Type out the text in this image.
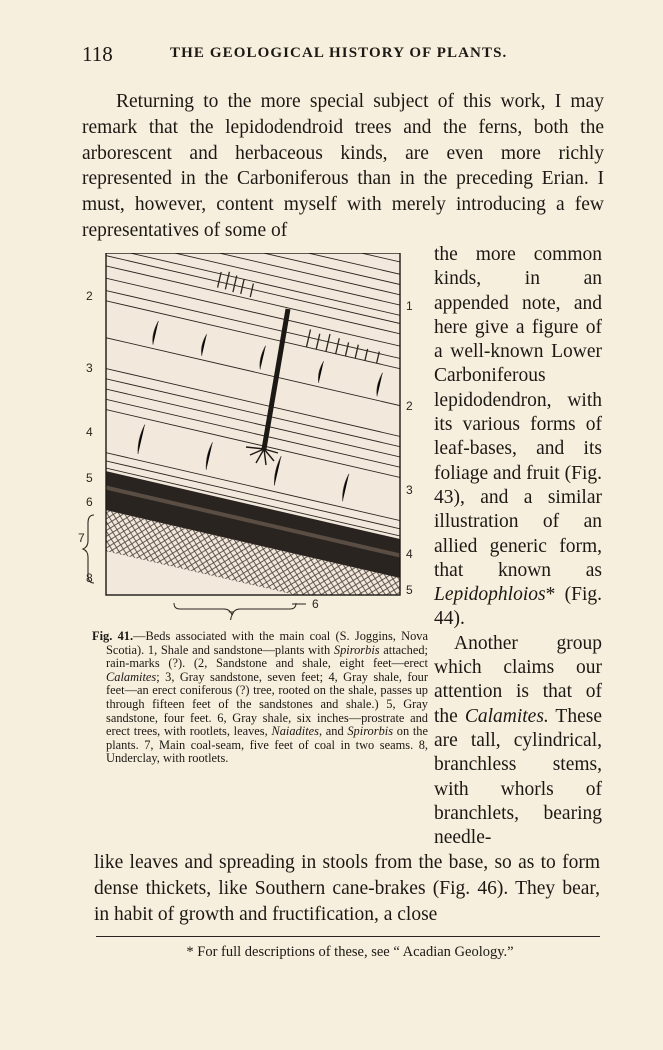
118	THE GEOLOGICAL HISTORY OF PLANTS.
Returning to the more special subject of this work, I may remark that the lepidodendroid trees and the ferns, both the arborescent and herbaceous kinds, are even more richly represented in the Carboniferous than in the preceding Erian. I must, however, content myself with merely introducing a few representatives of some of

the more common kinds, in an appended note, and here give a figure of a well-known Lower Carboniferous lepidodendron, with its various forms of leaf-bases, and its foliage and fruit (Fig. 43), and a similar illustration of an allied generic form, that known as Lepidophloios* (Fig. 44).

Another group which claims our attention is that of the Calamites. These are tall, cylindrical, branchless stems, with whorls of branchlets, bearing needle-

2
3
4
5
6
7
8
1
2
3
4
5
7
6
Fig. 41.—Beds associated with the main coal (S. Joggins, Nova Scotia). 1, Shale and sandstone—plants with Spirorbis attached; rain-marks (?). (2, Sandstone and shale, eight feet—erect Calamites; 3, Gray sandstone, seven feet; 4, Gray shale, four feet—an erect coniferous (?) tree, rooted on the shale, passes up through fifteen feet of the sandstones and shale.) 5, Gray sandstone, four feet. 6, Gray shale, six inches—prostrate and erect trees, with rootlets, leaves, Naiadites, and Spirorbis on the plants. 7, Main coal-seam, five feet of coal in two seams. 8, Underclay, with rootlets.
like leaves and spreading in stools from the base, so as to form dense thickets, like Southern cane-brakes (Fig. 46). They bear, in habit of growth and fructification, a close
* For full descriptions of these, see “ Acadian Geology.”
